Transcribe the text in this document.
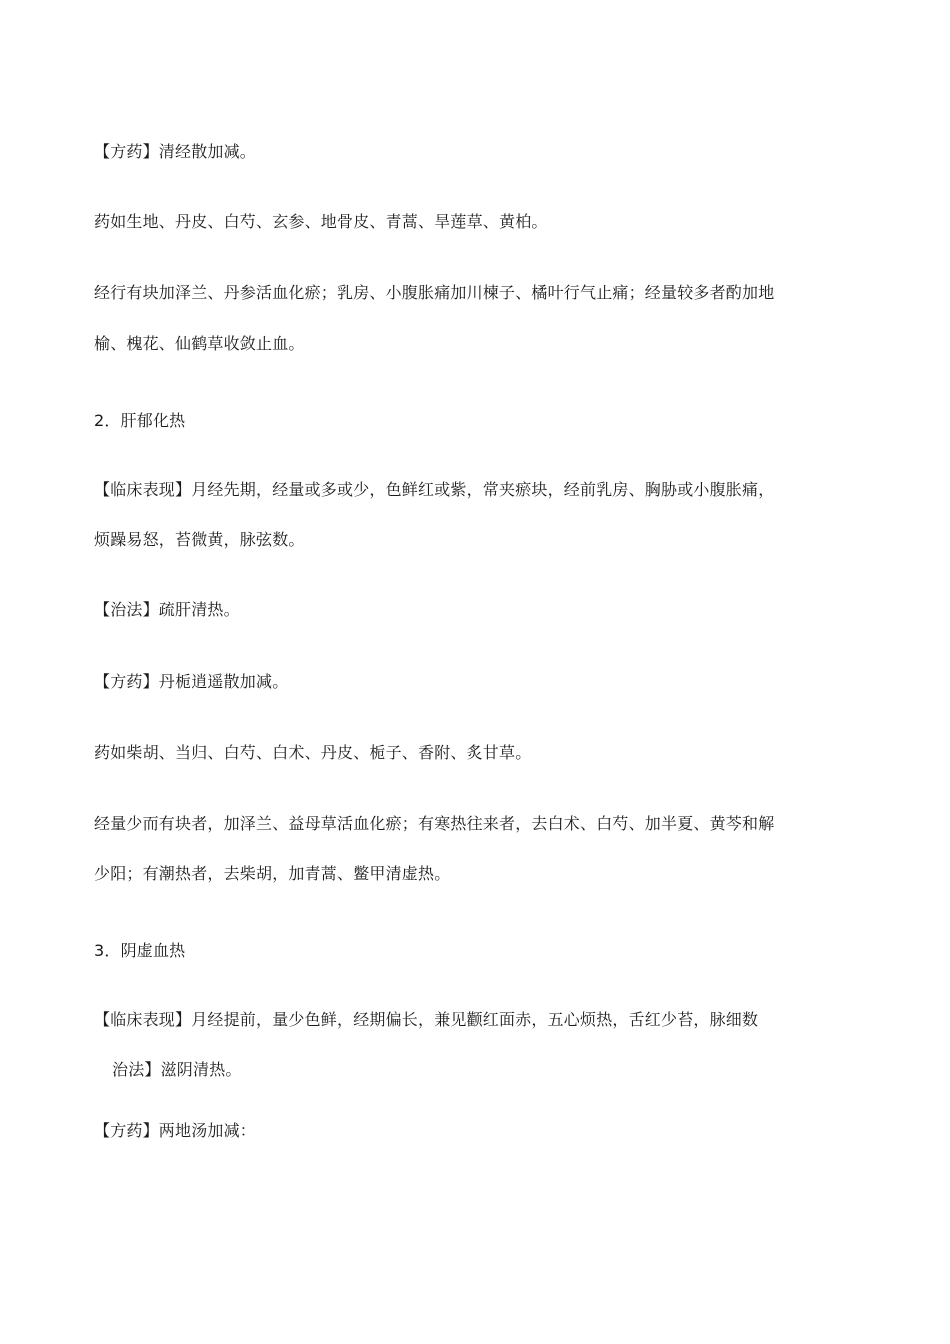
【方药】清经散加减。
药如生地、丹皮、白芍、玄参、地骨皮、青蒿、旱莲草、黄柏。
经行有块加泽兰、丹参活血化瘀；乳房、小腹胀痛加川楝子、橘叶行气止痛；经量较多者酌加地
榆、槐花、仙鹤草收敛止血。
2．肝郁化热
【临床表现】月经先期，经量或多或少，色鲜红或紫，常夹瘀块，经前乳房、胸胁或小腹胀痛，
烦躁易怒，苔微黄，脉弦数。
【治法】疏肝清热。
【方药】丹栀逍遥散加减。
药如柴胡、当归、白芍、白术、丹皮、栀子、香附、炙甘草。
经量少而有块者，加泽兰、益母草活血化瘀；有寒热往来者，去白术、白芍、加半夏、黄芩和解
少阳；有潮热者，去柴胡，加青蒿、鳖甲清虚热。
3．阴虚血热
【临床表现】月经提前，量少色鲜，经期偏长，兼见颧红面赤，五心烦热，舌红少苔，脉细数
治法】滋阴清热。
【方药】两地汤加减：
